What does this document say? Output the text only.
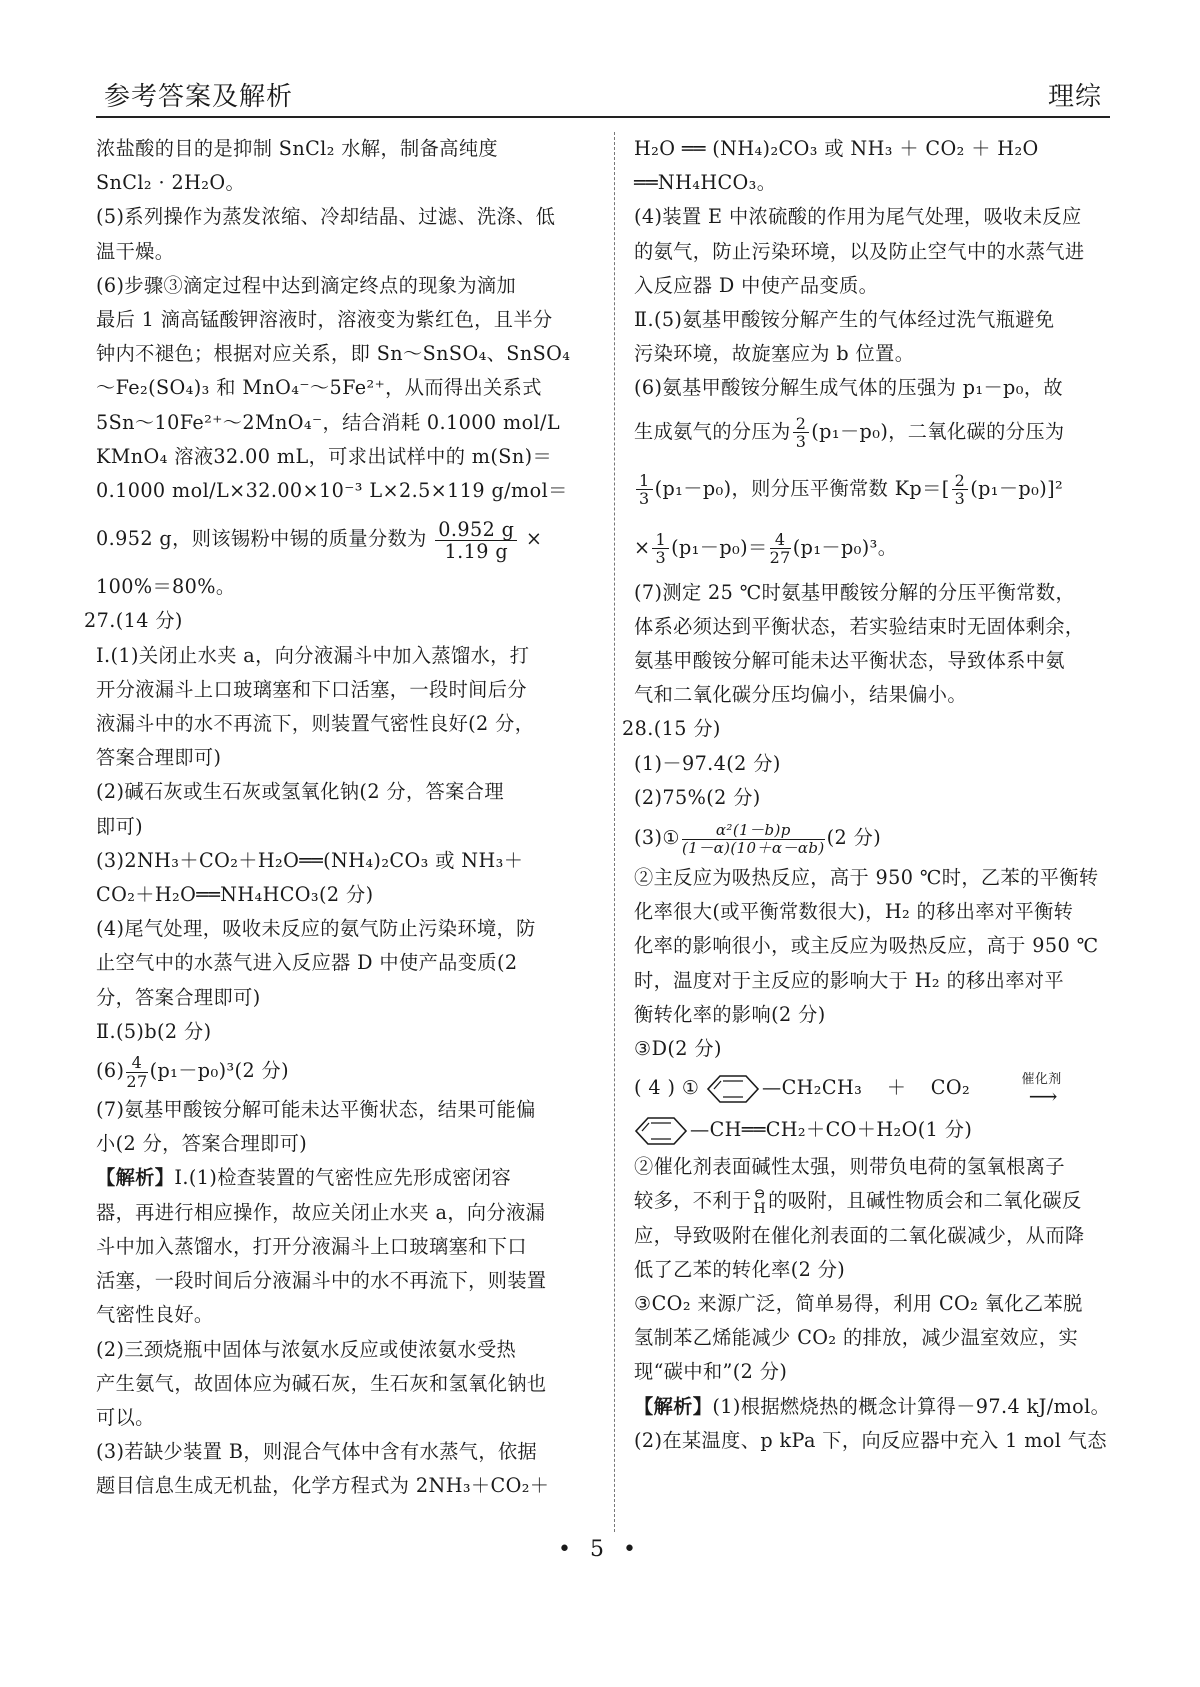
参考答案及解析	理综

浓盐酸的目的是抑制 SnCl₂ 水解，制备高纯度

SnCl₂ · 2H₂O。

(5)系列操作为蒸发浓缩、冷却结晶、过滤、洗涤、低

温干燥。

(6)步骤③滴定过程中达到滴定终点的现象为滴加

最后 1 滴高锰酸钾溶液时，溶液变为紫红色，且半分

钟内不褪色；根据对应关系，即 Sn～SnSO₄、SnSO₄

～Fe₂(SO₄)₃ 和 MnO₄⁻～5Fe²⁺，从而得出关系式

5Sn～10Fe²⁺～2MnO₄⁻，结合消耗 0.1000 mol/L

KMnO₄ 溶液32.00 mL，可求出试样中的 m(Sn)＝

0.1000 mol/L×32.00×10⁻³ L×2.5×119 g/mol＝

0.952 g，则该锡粉中锡的质量分数为 $\frac{0.952 g}{1.19 g}$ ×

100%＝80%。

27.(14 分)

Ⅰ.(1)关闭止水夹 a，向分液漏斗中加入蒸馏水，打

开分液漏斗上口玻璃塞和下口活塞，一段时间后分

液漏斗中的水不再流下，则装置气密性良好(2 分，

答案合理即可)

(2)碱石灰或生石灰或氢氧化钠(2 分，答案合理

即可)

(3)2NH₃＋CO₂＋H₂O══(NH₄)₂CO₃ 或 NH₃＋

CO₂＋H₂O══NH₄HCO₃(2 分)

(4)尾气处理，吸收未反应的氨气防止污染环境，防

止空气中的水蒸气进入反应器 D 中使产品变质(2

分，答案合理即可)

Ⅱ.(5)b(2 分)

$(6) \frac{4}{27} (p_1-p_0)^3(2$ 分)

(7)氨基甲酸铵分解可能未达平衡状态，结果可能偏

小(2 分，答案合理即可)

【解析】Ⅰ.(1)检查装置的气密性应先形成密闭容

器，再进行相应操作，故应关闭止水夹 a，向分液漏

斗中加入蒸馏水，打开分液漏斗上口玻璃塞和下口

活塞，一段时间后分液漏斗中的水不再流下，则装置

气密性良好。

(2)三颈烧瓶中固体与浓氨水反应或使浓氨水受热

产生氨气，故固体应为碱石灰，生石灰和氢氧化钠也

可以。

(3)若缺少装置 B，则混合气体中含有水蒸气，依据

题目信息生成无机盐，化学方程式为 2NH₃＋CO₂＋

H₂O ══ (NH₄)₂CO₃ 或 NH₃ ＋ CO₂ ＋ H₂O

══NH₄HCO₃。

(4)装置 E 中浓硫酸的作用为尾气处理，吸收未反应

的氨气，防止污染环境，以及防止空气中的水蒸气进

入反应器 D 中使产品变质。

Ⅱ.(5)氨基甲酸铵分解产生的气体经过洗气瓶避免

污染环境，故旋塞应为 b 位置。

(6)氨基甲酸铵分解生成气体的压强为 p₁－p₀，故

生成氨气的分压为 $\frac{2}{3} (p_1-p_0)$，二氧化碳的分压为

$\frac{1}{3} (p_1-p_0)$，则分压平衡常数 $Kp=[ \frac{2}{3} (p_1-p_0)]^2$

× $\frac{1}{3} (p_1-p_0)= \frac{4}{27} (p_1-p_0)^3$。

(7)测定 25 ℃时氨基甲酸铵分解的分压平衡常数，

体系必须达到平衡状态，若实验结束时无固体剩余，

氨基甲酸铵分解可能未达平衡状态，导致体系中氨

气和二氧化碳分压均偏小，结果偏小。

28.(15 分)

(1)－97.4(2 分)

(2)75%(2 分)

(3)① $\frac{\text{α²(1－b)p}}{(1-\alpha)(10+\alpha-\alpha b)} (2$ 分)

②主反应为吸热反应，高于 950 ℃时，乙苯的平衡转

化率很大(或平衡常数很大)，H₂ 的移出率对平衡转

化率的影响很小，或主反应为吸热反应，高于 950 ℃

时，温度对于主反应的影响大于 H₂ 的移出率对平

衡转化率的影响(2 分)

③D(2 分)

( 4 ) ①	—CH₂CH₃ ＋ CO₂	催化剂
⟶

—CH══CH₂＋CO＋H₂O(1 分)

②催化剂表面碱性太强，则带负电荷的氢氧根离子

较多，不利于 ⊖
H 的吸附，且碱性物质会和二氧化碳反

应，导致吸附在催化剂表面的二氧化碳减少，从而降

低了乙苯的转化率(2 分)

③CO₂ 来源广泛，简单易得，利用 CO₂ 氧化乙苯脱

氢制苯乙烯能减少 CO₂ 的排放，减少温室效应，实

现“碳中和”(2 分)

【解析】(1)根据燃烧热的概念计算得－97.4 kJ/mol。

(2)在某温度、p kPa 下，向反应器中充入 1 mol 气态

• 5 •
